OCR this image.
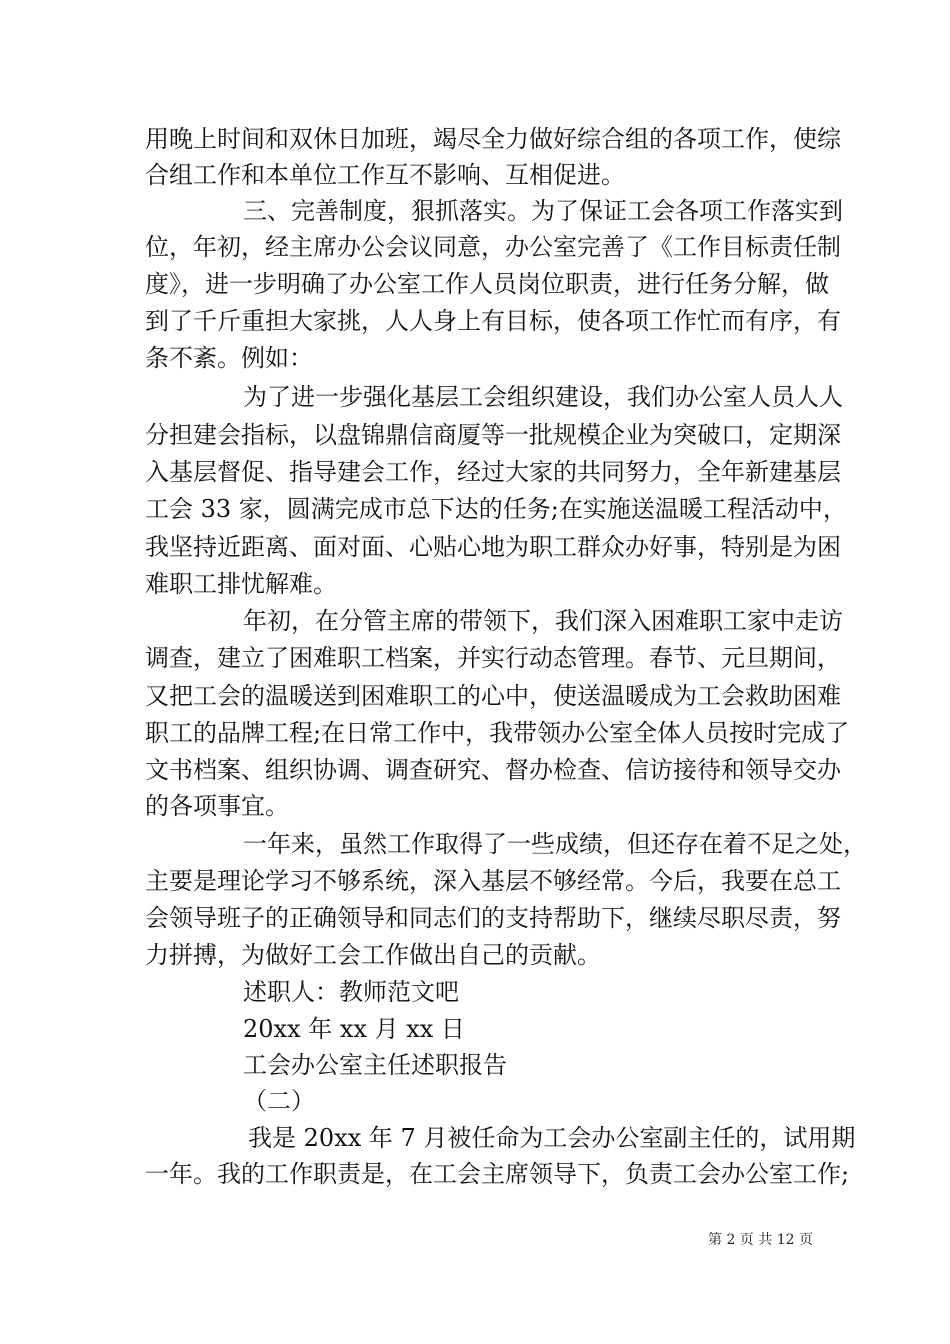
用晚上时间和双休日加班，竭尽全力做好综合组的各项工作，使综
合组工作和本单位工作互不影响、互相促进。
三、完善制度，狠抓落实。为了保证工会各项工作落实到
位，年初，经主席办公会议同意，办公室完善了《工作目标责任制
度》，进一步明确了办公室工作人员岗位职责，进行任务分解，做
到了千斤重担大家挑，人人身上有目标，使各项工作忙而有序，有
条不紊。例如：
为了进一步强化基层工会组织建设，我们办公室人员人人
分担建会指标，以盘锦鼎信商厦等一批规模企业为突破口，定期深
入基层督促、指导建会工作，经过大家的共同努力，全年新建基层
工会 33 家，圆满完成市总下达的任务;在实施送温暖工程活动中，
我坚持近距离、面对面、心贴心地为职工群众办好事，特别是为困
难职工排忧解难。
年初，在分管主席的带领下，我们深入困难职工家中走访
调查，建立了困难职工档案，并实行动态管理。春节、元旦期间，
又把工会的温暖送到困难职工的心中，使送温暖成为工会救助困难
职工的品牌工程;在日常工作中，我带领办公室全体人员按时完成了
文书档案、组织协调、调查研究、督办检查、信访接待和领导交办
的各项事宜。
一年来，虽然工作取得了一些成绩，但还存在着不足之处，
主要是理论学习不够系统，深入基层不够经常。今后，我要在总工
会领导班子的正确领导和同志们的支持帮助下，继续尽职尽责，努
力拼搏，为做好工会工作做出自己的贡献。
述职人：教师范文吧
20xx 年 xx 月 xx 日
工会办公室主任述职报告
（二）
我是 20xx 年 7 月被任命为工会办公室副主任的，试用期
一年。我的工作职责是，在工会主席领导下，负责工会办公室工作;
第 2 页 共 12 页
